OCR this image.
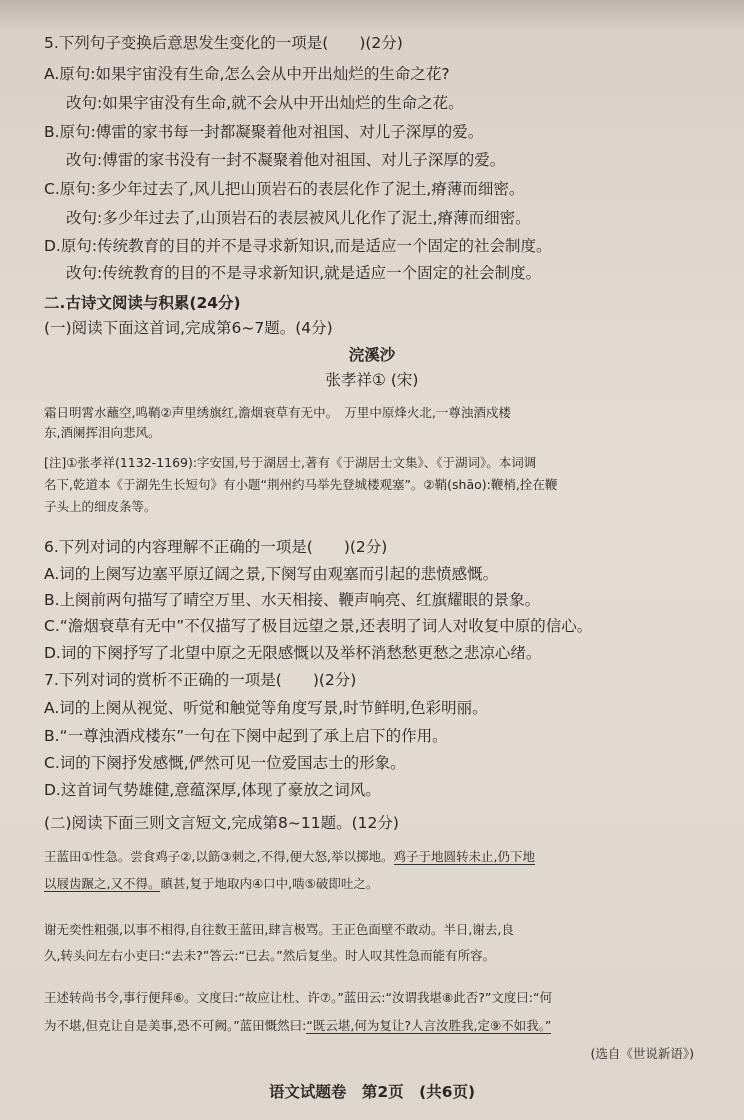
5.下列句子变换后意思发生变化的一项是(　　)(2分)
A.原句:如果宇宙没有生命,怎么会从中开出灿烂的生命之花?
改句:如果宇宙没有生命,就不会从中开出灿烂的生命之花。
B.原句:傅雷的家书每一封都凝聚着他对祖国、对儿子深厚的爱。
改句:傅雷的家书没有一封不凝聚着他对祖国、对儿子深厚的爱。
C.原句:多少年过去了,风儿把山顶岩石的表层化作了泥土,瘠薄而细密。
改句:多少年过去了,山顶岩石的表层被风儿化作了泥土,瘠薄而细密。
D.原句:传统教育的目的并不是寻求新知识,而是适应一个固定的社会制度。
改句:传统教育的目的不是寻求新知识,就是适应一个固定的社会制度。
二.古诗文阅读与积累(24分)
(一)阅读下面这首词,完成第6~7题。(4分)
浣溪沙
张孝祥① (宋)
霜日明霄水蘸空,鸣鞘②声里绣旗红,澹烟衰草有无中。　万里中原烽火北,一尊浊酒戍楼
东,酒阑挥泪向悲风。
[注]①张孝祥(1132-1169):字安国,号于湖居士,著有《于湖居士文集》、《于湖词》。本词调
名下,乾道本《于湖先生长短句》有小题“荆州约马举先登城楼观塞”。②鞘(shāo):鞭梢,拴在鞭
子头上的细皮条等。
6.下列对词的内容理解不正确的一项是(　　)(2分)
A.词的上阕写边塞平原辽阔之景,下阕写由观塞而引起的悲愤感慨。
B.上阕前两句描写了晴空万里、水天相接、鞭声响亮、红旗耀眼的景象。
C.“澹烟衰草有无中”不仅描写了极目远望之景,还表明了词人对收复中原的信心。
D.词的下阕抒写了北望中原之无限感慨以及举杯消愁愁更愁之悲凉心绪。
7.下列对词的赏析不正确的一项是(　　)(2分)
A.词的上阕从视觉、听觉和触觉等角度写景,时节鲜明,色彩明丽。
B.“一尊浊酒戍楼东”一句在下阕中起到了承上启下的作用。
C.词的下阕抒发感慨,俨然可见一位爱国志士的形象。
D.这首词气势雄健,意蕴深厚,体现了豪放之词风。
(二)阅读下面三则文言短文,完成第8~11题。(12分)
王蓝田①性急。尝食鸡子②,以筯③刺之,不得,便大怒,举以掷地。鸡子于地圆转未止,仍下地
以屐齿蹍之,又不得。瞋甚,复于地取内④口中,啮⑤破即吐之。
谢无奕性粗强,以事不相得,自往数王蓝田,肆言极骂。王正色面壁不敢动。半日,谢去,良
久,转头问左右小吏曰:“去未?”答云:“已去。”然后复坐。时人叹其性急而能有所容。
王述转尚书令,事行便拜⑥。文度曰:“故应让杜、许⑦。”蓝田云:“汝谓我堪⑧此否?”文度曰:“何
为不堪,但克让自是美事,恐不可阙。”蓝田慨然曰:“既云堪,何为复让?人言汝胜我,定⑨不如我。”
(选自《世说新语》)
语文试题卷　第2页　(共6页)
